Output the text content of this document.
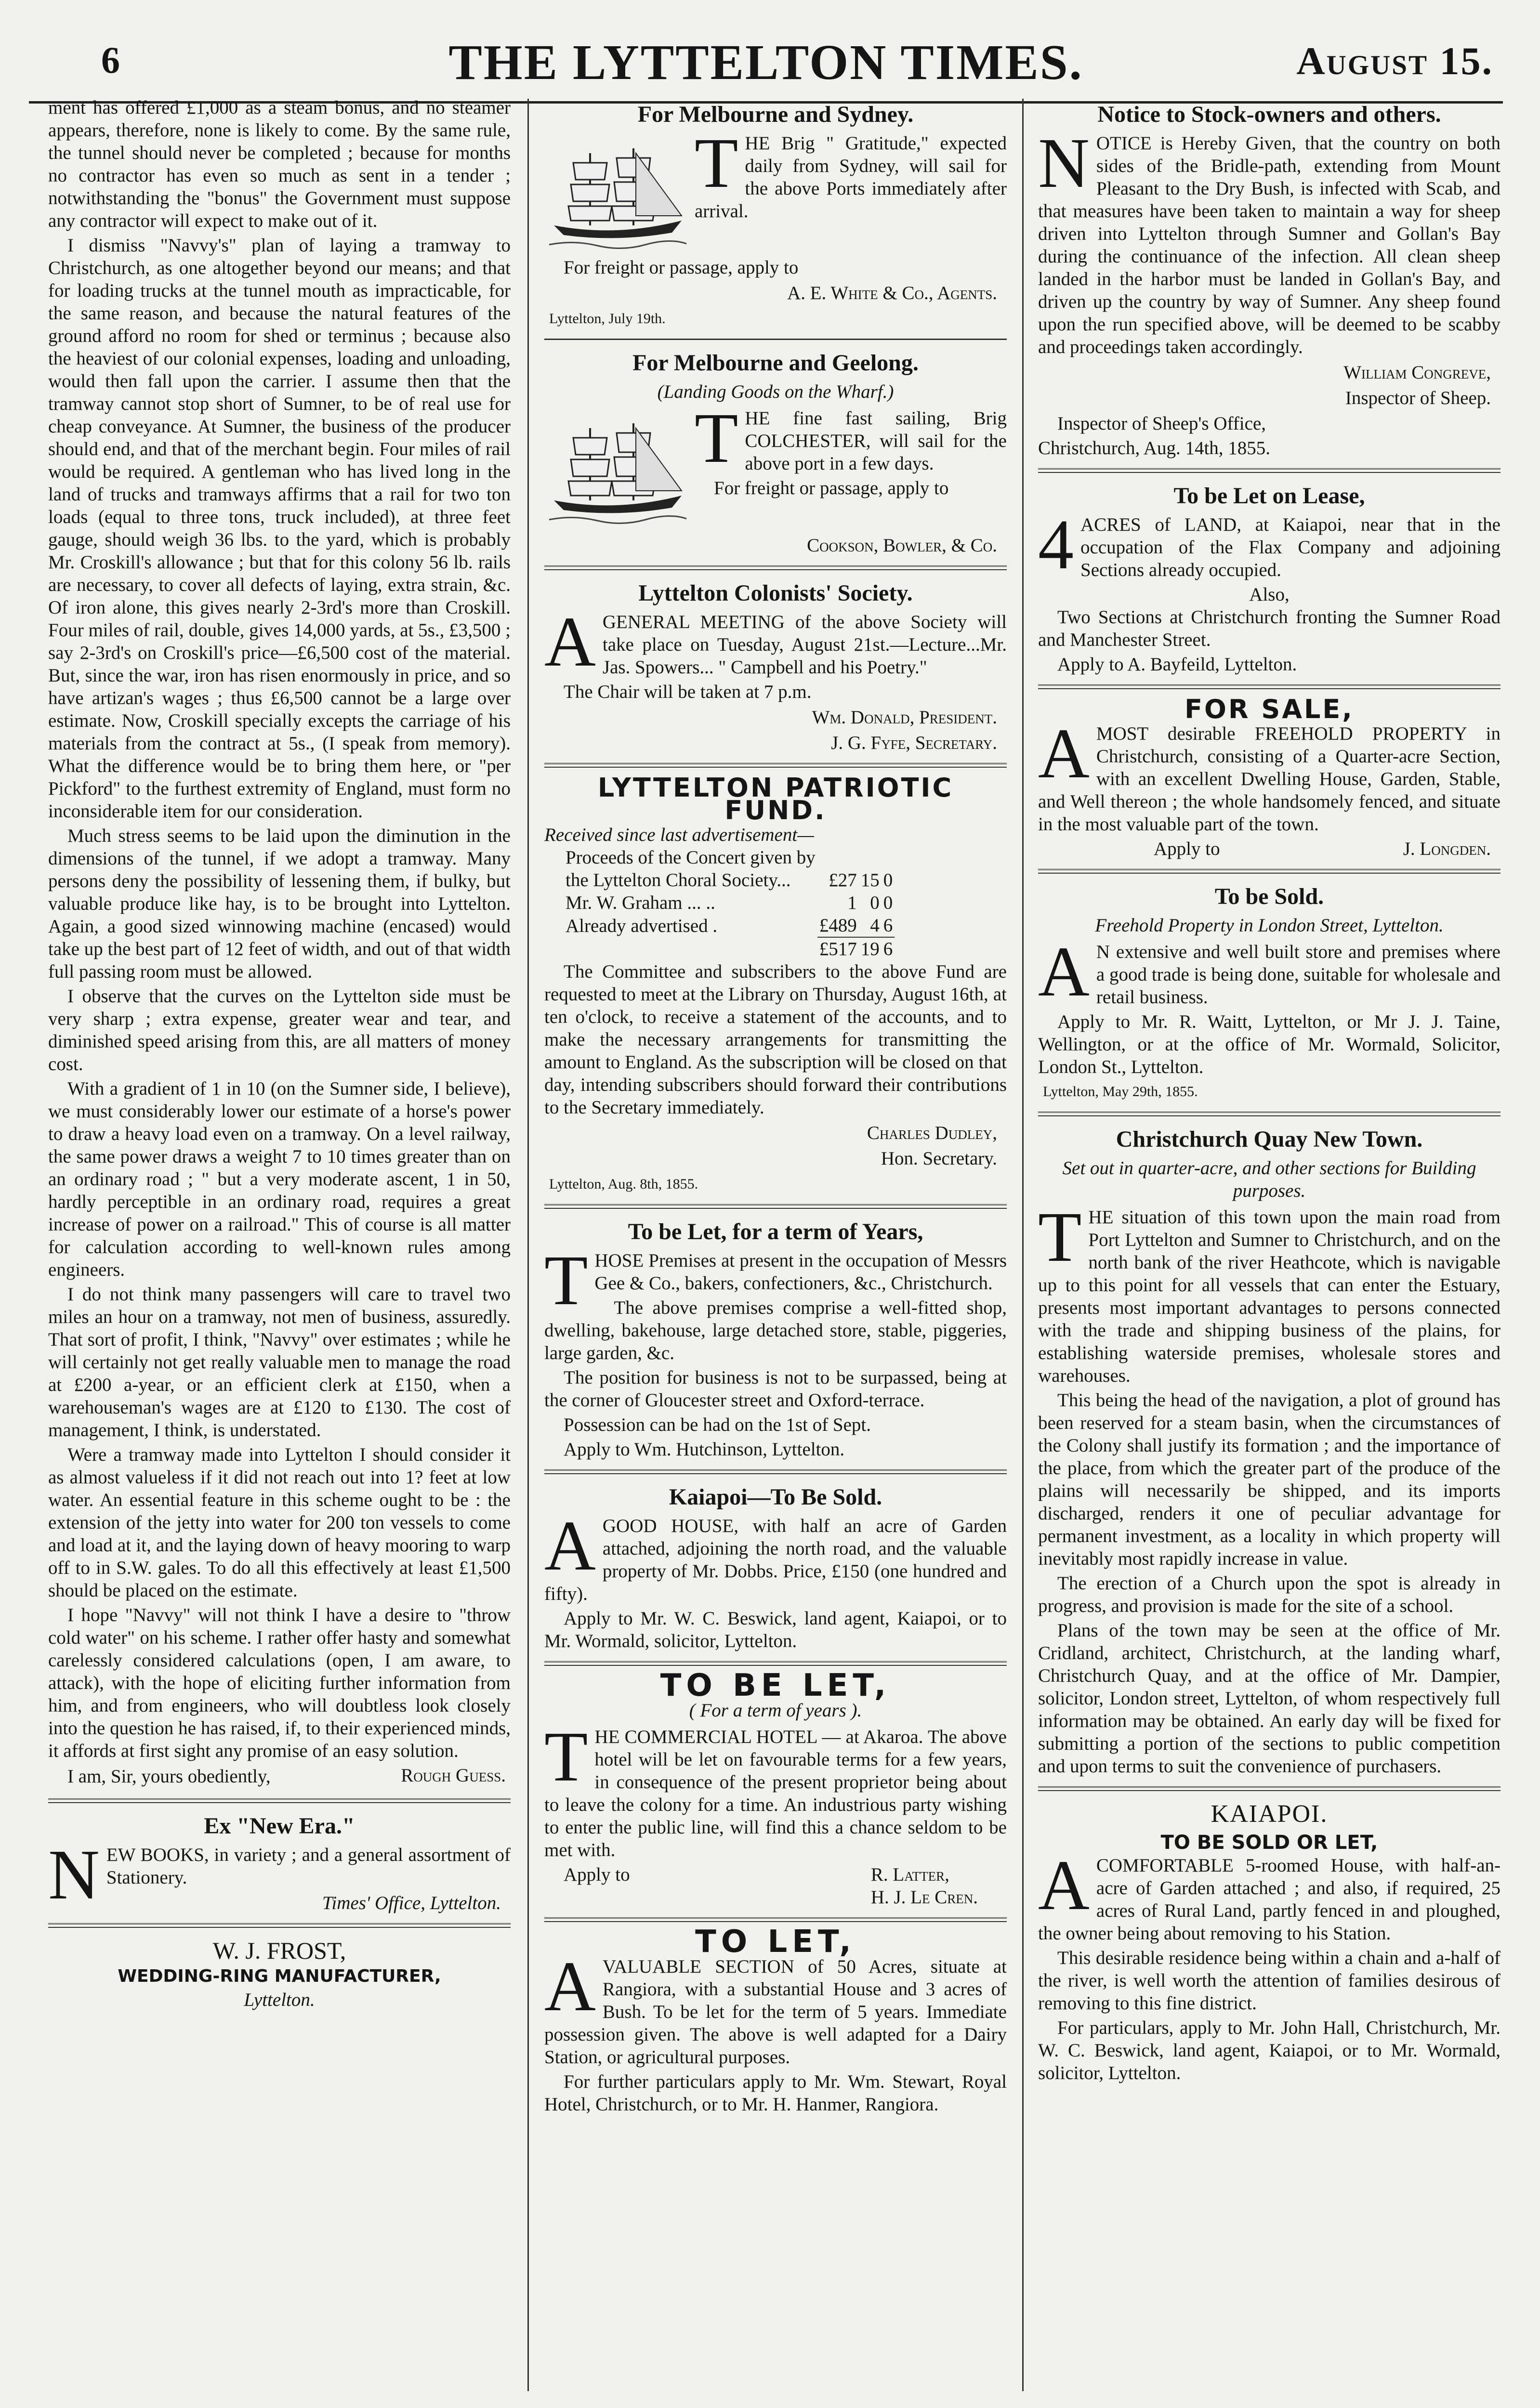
6	THE LYTTELTON TIMES.	August 15.

ment has offered £1,000 as a steam bonus, and no steamer appears, therefore, none is likely to come. By the same rule, the tunnel should never be completed ; because for months no contractor has even so much as sent in a tender ; notwithstanding the "bonus" the Government must suppose any contractor will expect to make out of it.

I dismiss "Navvy's" plan of laying a tramway to Christchurch, as one altogether beyond our means; and that for loading trucks at the tunnel mouth as impracticable, for the same reason, and because the natural features of the ground afford no room for shed or terminus ; because also the heaviest of our colonial expenses, loading and unloading, would then fall upon the carrier. I assume then that the tramway cannot stop short of Sumner, to be of real use for cheap conveyance. At Sumner, the business of the producer should end, and that of the merchant begin. Four miles of rail would be required. A gentleman who has lived long in the land of trucks and tramways affirms that a rail for two ton loads (equal to three tons, truck included), at three feet gauge, should weigh 36 lbs. to the yard, which is probably Mr. Croskill's allowance ; but that for this colony 56 lb. rails are necessary, to cover all defects of laying, extra strain, &c. Of iron alone, this gives nearly 2-3rd's more than Croskill. Four miles of rail, double, gives 14,000 yards, at 5s., £3,500 ; say 2-3rd's on Croskill's price—£6,500 cost of the material. But, since the war, iron has risen enormously in price, and so have artizan's wages ; thus £6,500 cannot be a large over estimate. Now, Croskill specially excepts the carriage of his materials from the contract at 5s., (I speak from memory). What the difference would be to bring them here, or "per Pickford" to the furthest extremity of England, must form no inconsiderable item for our consideration.

Much stress seems to be laid upon the diminution in the dimensions of the tunnel, if we adopt a tramway. Many persons deny the possibility of lessening them, if bulky, but valuable produce like hay, is to be brought into Lyttelton. Again, a good sized winnowing machine (encased) would take up the best part of 12 feet of width, and out of that width full passing room must be allowed.

I observe that the curves on the Lyttelton side must be very sharp ; extra expense, greater wear and tear, and diminished speed arising from this, are all matters of money cost.

With a gradient of 1 in 10 (on the Sumner side, I believe), we must considerably lower our estimate of a horse's power to draw a heavy load even on a tramway. On a level railway, the same power draws a weight 7 to 10 times greater than on an ordinary road ; " but a very moderate ascent, 1 in 50, hardly perceptible in an ordinary road, requires a great increase of power on a railroad." This of course is all matter for calculation according to well-known rules among engineers.

I do not think many passengers will care to travel two miles an hour on a tramway, not men of business, assuredly. That sort of profit, I think, "Navvy" over estimates ; while he will certainly not get really valuable men to manage the road at £200 a-year, or an efficient clerk at £150, when a warehouseman's wages are at £120 to £130. The cost of management, I think, is understated.

Were a tramway made into Lyttelton I should consider it as almost valueless if it did not reach out into 1? feet at low water. An essential feature in this scheme ought to be : the extension of the jetty into water for 200 ton vessels to come and load at it, and the laying down of heavy mooring to warp off to in S.W. gales. To do all this effectively at least £1,500 should be placed on the estimate.

I hope "Navvy" will not think I have a desire to "throw cold water" on his scheme. I rather offer hasty and somewhat carelessly considered calculations (open, I am aware, to attack), with the hope of eliciting further information from him, and from engineers, who will doubtless look closely into the question he has raised, if, to their experienced minds, it affords at first sight any promise of an easy solution.

I am, Sir, yours obediently,	Rough Guess.
Ex "New Era."

NEW BOOKS, in variety ; and a general assortment of Stationery.

Times' Office, Lyttelton.
W. J. FROST,
WEDDING-RING MANUFACTURER,
Lyttelton.
For Melbourne and Sydney.

THE Brig " Gratitude," expected daily from Sydney, will sail for the above Ports immediately after arrival.

For freight or passage, apply to

A. E. White & Co., Agents.
Lyttelton, July 19th.
For Melbourne and Geelong.
(Landing Goods on the Wharf.)

THE fine fast sailing, Brig COLCHESTER, will sail for the above port in a few days.

For freight or passage, apply to

Cookson, Bowler, & Co.
Lyttelton Colonists' Society.

AGENERAL MEETING of the above Society will take place on Tuesday, August 21st.—Lecture...Mr. Jas. Spowers... " Campbell and his Poetry."

The Chair will be taken at 7 p.m.

Wm. Donald, President.
J. G. Fyfe, Secretary.
LYTTELTON PATRIOTIC FUND.
Received since last advertisement—
Proceeds of the Concert given by			
the Lyttelton Choral Society...	£27	15	0
Mr. W. Graham ... ..	1	0	0
Already advertised .	£489	4	6
	£517	19	6

The Committee and subscribers to the above Fund are requested to meet at the Library on Thursday, August 16th, at ten o'clock, to receive a statement of the accounts, and to make the necessary arrangements for transmitting the amount to England. As the subscription will be closed on that day, intending subscribers should forward their contributions to the Secretary immediately.

Charles Dudley,
Hon. Secretary.
Lyttelton, Aug. 8th, 1855.
To be Let, for a term of Years,

THOSE Premises at present in the occupation of Messrs Gee & Co., bakers, confectioners, &c., Christchurch.

The above premises comprise a well-fitted shop, dwelling, bakehouse, large detached store, stable, piggeries, large garden, &c.

The position for business is not to be surpassed, being at the corner of Gloucester street and Oxford-terrace.

Possession can be had on the 1st of Sept.

Apply to Wm. Hutchinson, Lyttelton.

Kaiapoi—To Be Sold.

AGOOD HOUSE, with half an acre of Garden attached, adjoining the north road, and the valuable property of Mr. Dobbs. Price, £150 (one hundred and fifty).

Apply to Mr. W. C. Beswick, land agent, Kaiapoi, or to Mr. Wormald, solicitor, Lyttelton.

TO BE LET,
( For a term of years ).

THE COMMERCIAL HOTEL — at Akaroa. The above hotel will be let on favourable terms for a few years, in consequence of the present proprietor being about to leave the colony for a time. An industrious party wishing to enter the public line, will find this a chance seldom to be met with.

Apply to	R. Latter,
H. J. Le Cren.
TO LET,

AVALUABLE SECTION of 50 Acres, situate at Rangiora, with a substantial House and 3 acres of Bush. To be let for the term of 5 years. Immediate possession given. The above is well adapted for a Dairy Station, or agricultural purposes.

For further particulars apply to Mr. Wm. Stewart, Royal Hotel, Christchurch, or to Mr. H. Hanmer, Rangiora.

Notice to Stock-owners and others.

NOTICE is Hereby Given, that the country on both sides of the Bridle-path, extending from Mount Pleasant to the Dry Bush, is infected with Scab, and that measures have been taken to maintain a way for sheep driven into Lyttelton through Sumner and Gollan's Bay during the continuance of the infection. All clean sheep landed in the harbor must be landed in Gollan's Bay, and driven up the country by way of Sumner. Any sheep found upon the run specified above, will be deemed to be scabby and proceedings taken accordingly.

William Congreve,
Inspector of Sheep.

Inspector of Sheep's Office,

Christchurch, Aug. 14th, 1855.

To be Let on Lease,

4 ACRES of LAND, at Kaiapoi, near that in the occupation of the Flax Company and adjoining Sections already occupied.

Also,

Two Sections at Christchurch fronting the Sumner Road and Manchester Street.

Apply to A. Bayfeild, Lyttelton.

FOR SALE,

AMOST desirable FREEHOLD PROPERTY in Christchurch, consisting of a Quarter-acre Section, with an excellent Dwelling House, Garden, Stable, and Well thereon ; the whole handsomely fenced, and situate in the most valuable part of the town.

Apply to	J. Longden.
To be Sold.
Freehold Property in London Street, Lyttelton.

A N extensive and well built store and premises where a good trade is being done, suitable for wholesale and retail business.

Apply to Mr. R. Waitt, Lyttelton, or Mr J. J. Taine, Wellington, or at the office of Mr. Wormald, Solicitor, London St., Lyttelton.

Lyttelton, May 29th, 1855.
Christchurch Quay New Town.
Set out in quarter-acre, and other sections for Building purposes.

THE situation of this town upon the main road from Port Lyttelton and Sumner to Christchurch, and on the north bank of the river Heathcote, which is navigable up to this point for all vessels that can enter the Estuary, presents most important advantages to persons connected with the trade and shipping business of the plains, for establishing waterside premises, wholesale stores and warehouses.

This being the head of the navigation, a plot of ground has been reserved for a steam basin, when the circumstances of the Colony shall justify its formation ; and the importance of the place, from which the greater part of the produce of the plains will necessarily be shipped, and its imports discharged, renders it one of peculiar advantage for permanent investment, as a locality in which property will inevitably most rapidly increase in value.

The erection of a Church upon the spot is already in progress, and provision is made for the site of a school.

Plans of the town may be seen at the office of Mr. Cridland, architect, Christchurch, at the landing wharf, Christchurch Quay, and at the office of Mr. Dampier, solicitor, London street, Lyttelton, of whom respectively full information may be obtained. An early day will be fixed for submitting a portion of the sections to public competition and upon terms to suit the convenience of purchasers.

KAIAPOI.
TO BE SOLD OR LET,

ACOMFORTABLE 5-roomed House, with half-an-acre of Garden attached ; and also, if required, 25 acres of Rural Land, partly fenced in and ploughed, the owner being about removing to his Station.

This desirable residence being within a chain and a-half of the river, is well worth the attention of families desirous of removing to this fine district.

For particulars, apply to Mr. John Hall, Christchurch, Mr. W. C. Beswick, land agent, Kaiapoi, or to Mr. Wormald, solicitor, Lyttelton.
